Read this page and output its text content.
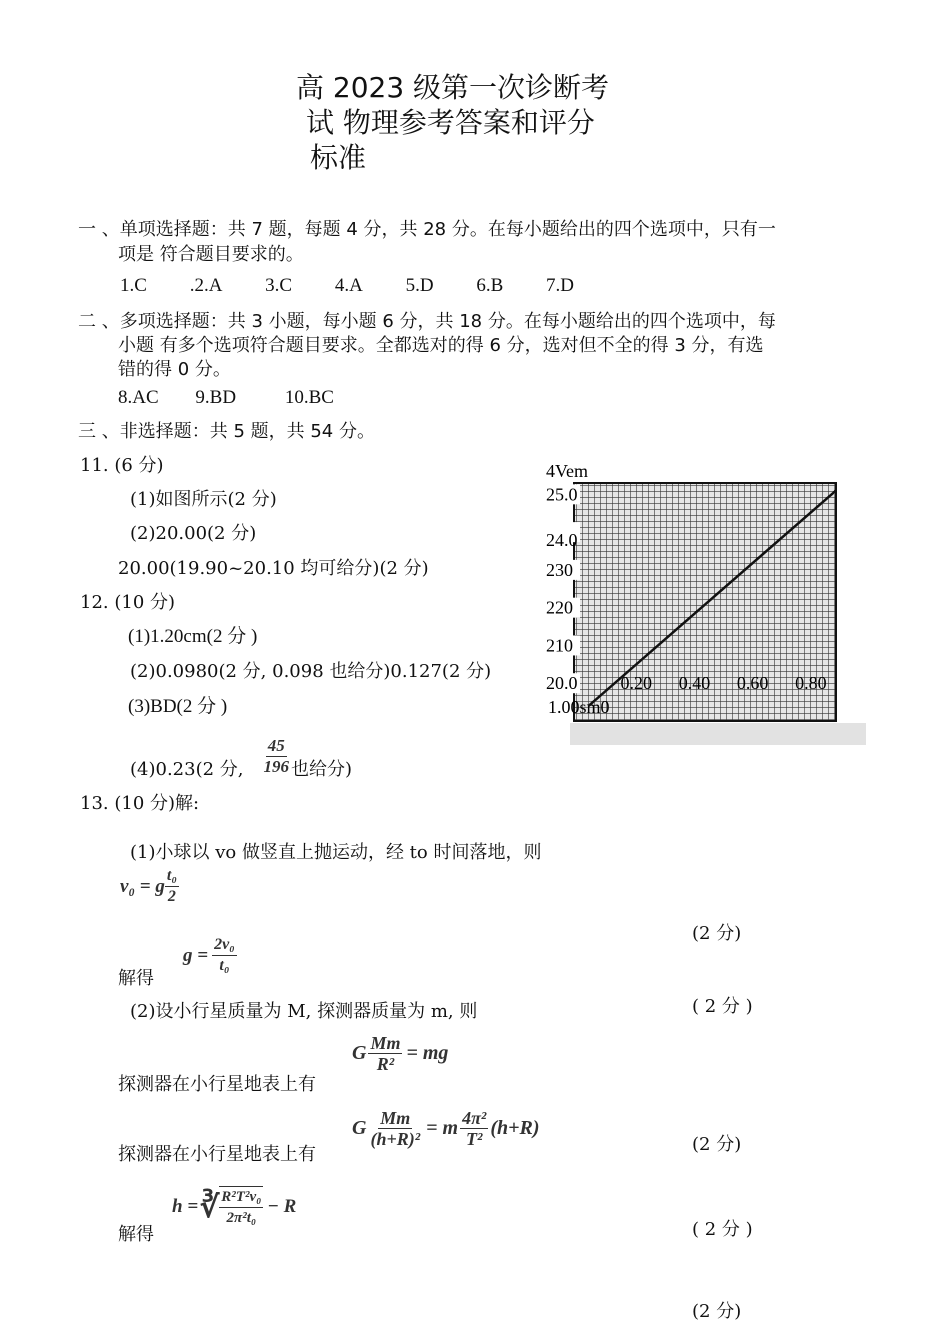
高 2023 级第一次诊断考
试 物理参考答案和评分
标准
一 、单项选择题：共 7 题，每题 4 分，共 28 分。在每小题给出的四个选项中，只有一
项是 符合题目要求的。
1.C .2.A 3.C 4.A 5.D 6.B 7.D
二 、多项选择题：共 3 小题，每小题 6 分，共 18 分。在每小题给出的四个选项中，每
小题 有多个选项符合题目要求。全都选对的得 6 分，选对但不全的得 3 分，有选
错的得 0 分。
8.AC 9.BD	10.BC
三 、非选择题：共 5 题，共 54 分。
11. (6 分)
(1)如图所示(2 分)
(2)20.00(2 分)
20.00(19.90~20.10 均可给分)(2 分)
4Vem
25.0
24.0
230
220
210
20.0 0.20 0.40 0.60 0.80
1.00sm0
12. (10 分)
(1)1.20cm(2 分 )
(2)0.0980(2 分, 0.098 也给分)0.127(2 分)
(3)BD(2 分 )
(4)0.23(2 分, $\frac{45}{196}$ 也给分)
13. (10 分)解:
(1)小球以 vo 做竖直上抛运动，经 to 时间落地，则
v₀ = g $\frac{\text{t₀}}{2}$
(2 分)
解得
$g = \frac{\text{2v₀}}{\text{t₀}}$
( 2 分 )
(2)设小行星质量为 M, 探测器质量为 m, 则
探测器在小行星地表上有
G $\frac{Mm}{\text{R²}}$ = mg
探测器在小行星地表上有
G $\frac{Mm}{\text{(h+R)²}} = m \frac{\text{4π²}}{\text{T²}} (h+R)$
(2 分)
解得
h = ∛ $\frac{\text{R²T²v₀}}{\text{2π²t₀}} - R$
( 2 分 )
(2 分)
